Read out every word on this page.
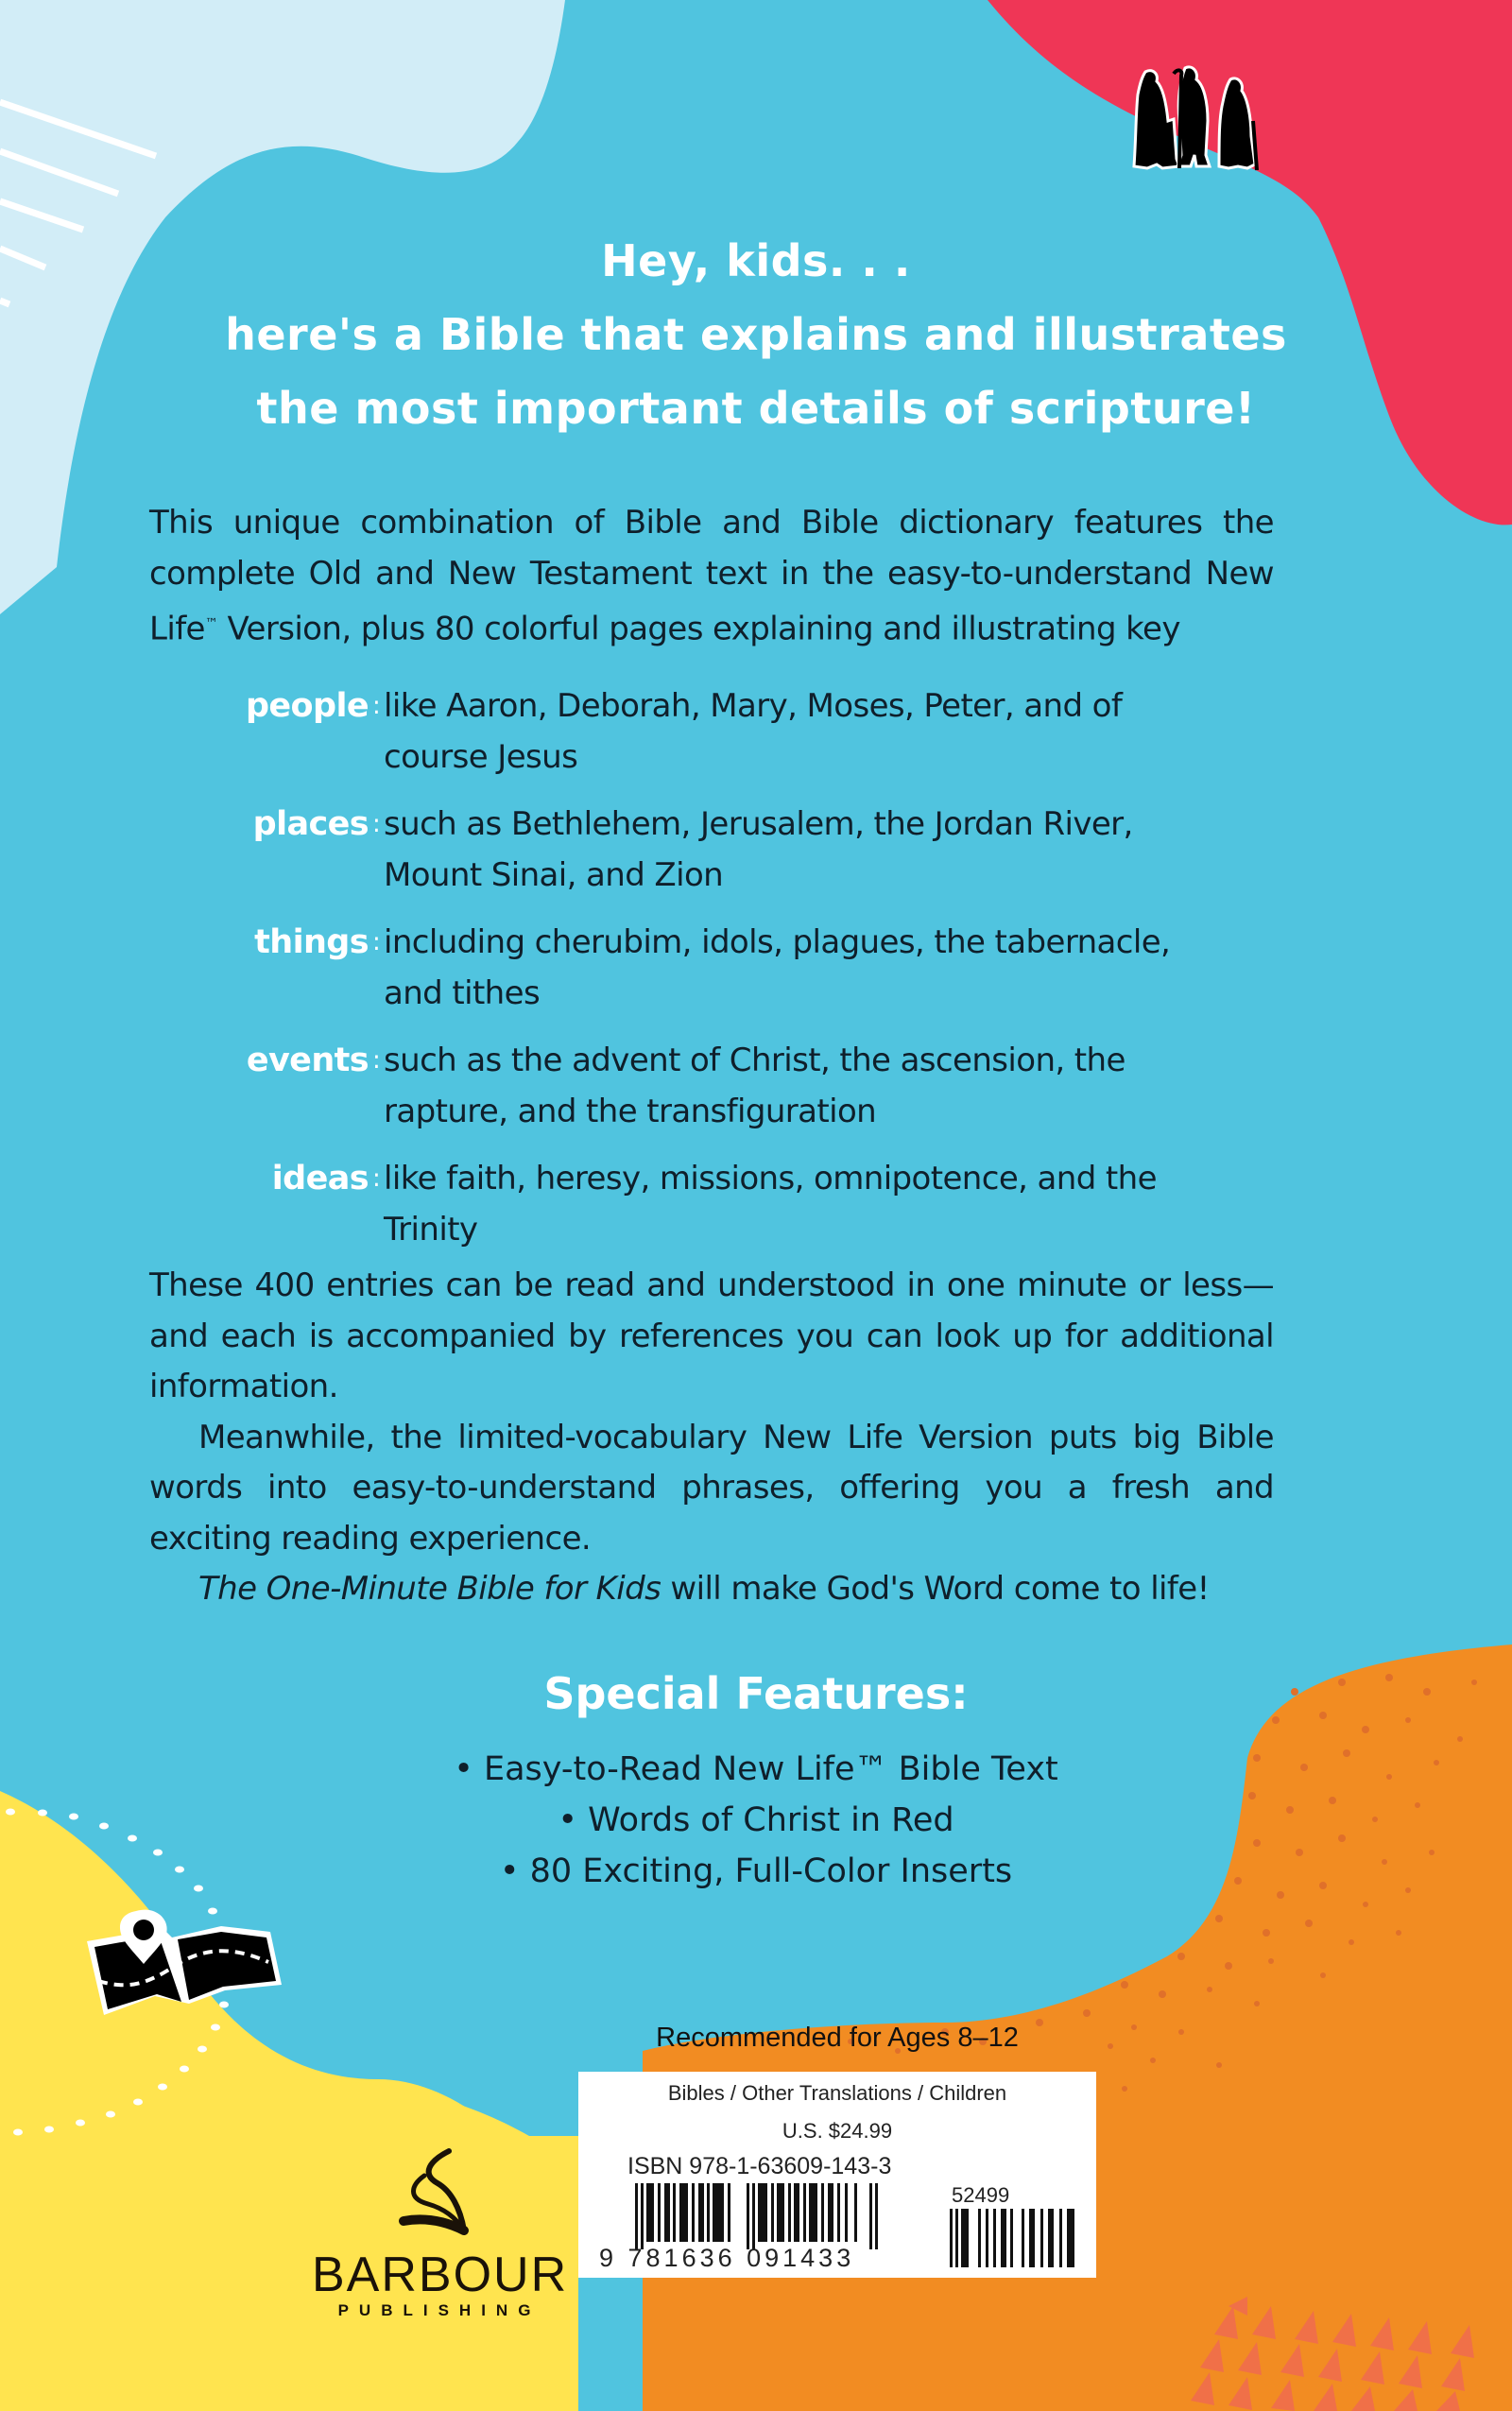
Hey, kids. . .
here's a Bible that explains and illustrates
the most important details of scripture!
This unique combination of Bible and Bible dictionary features the complete Old and New Testament text in the easy-to-understand New Life™ Version, plus 80 colorful pages explaining and illustrating key
people : like Aaron, Deborah, Mary, Moses, Peter, and of course Jesus
places : such as Bethlehem, Jerusalem, the Jordan River, Mount Sinai, and Zion
things : including cherubim, idols, plagues, the tabernacle, and tithes
events : such as the advent of Christ, the ascension, the rapture, and the transfiguration
ideas : like faith, heresy, missions, omnipotence, and the Trinity

These 400 entries can be read and understood in one minute or less—and each is accompanied by references you can look up for additional information.

Meanwhile, the limited-vocabulary New Life Version puts big Bible words into easy-to-understand phrases, offering you a fresh and exciting reading experience.

The One-Minute Bible for Kids will make God's Word come to life!

Special Features:
• Easy-to-Read New Life™ Bible Text
• Words of Christ in Red
• 80 Exciting, Full-Color Inserts
Recommended for Ages 8–12
Bibles / Other Translations / Children
U.S. $24.99
ISBN 978-1-63609-143-3
52499
9 781636 091433
BARBOUR
PUBLISHING
